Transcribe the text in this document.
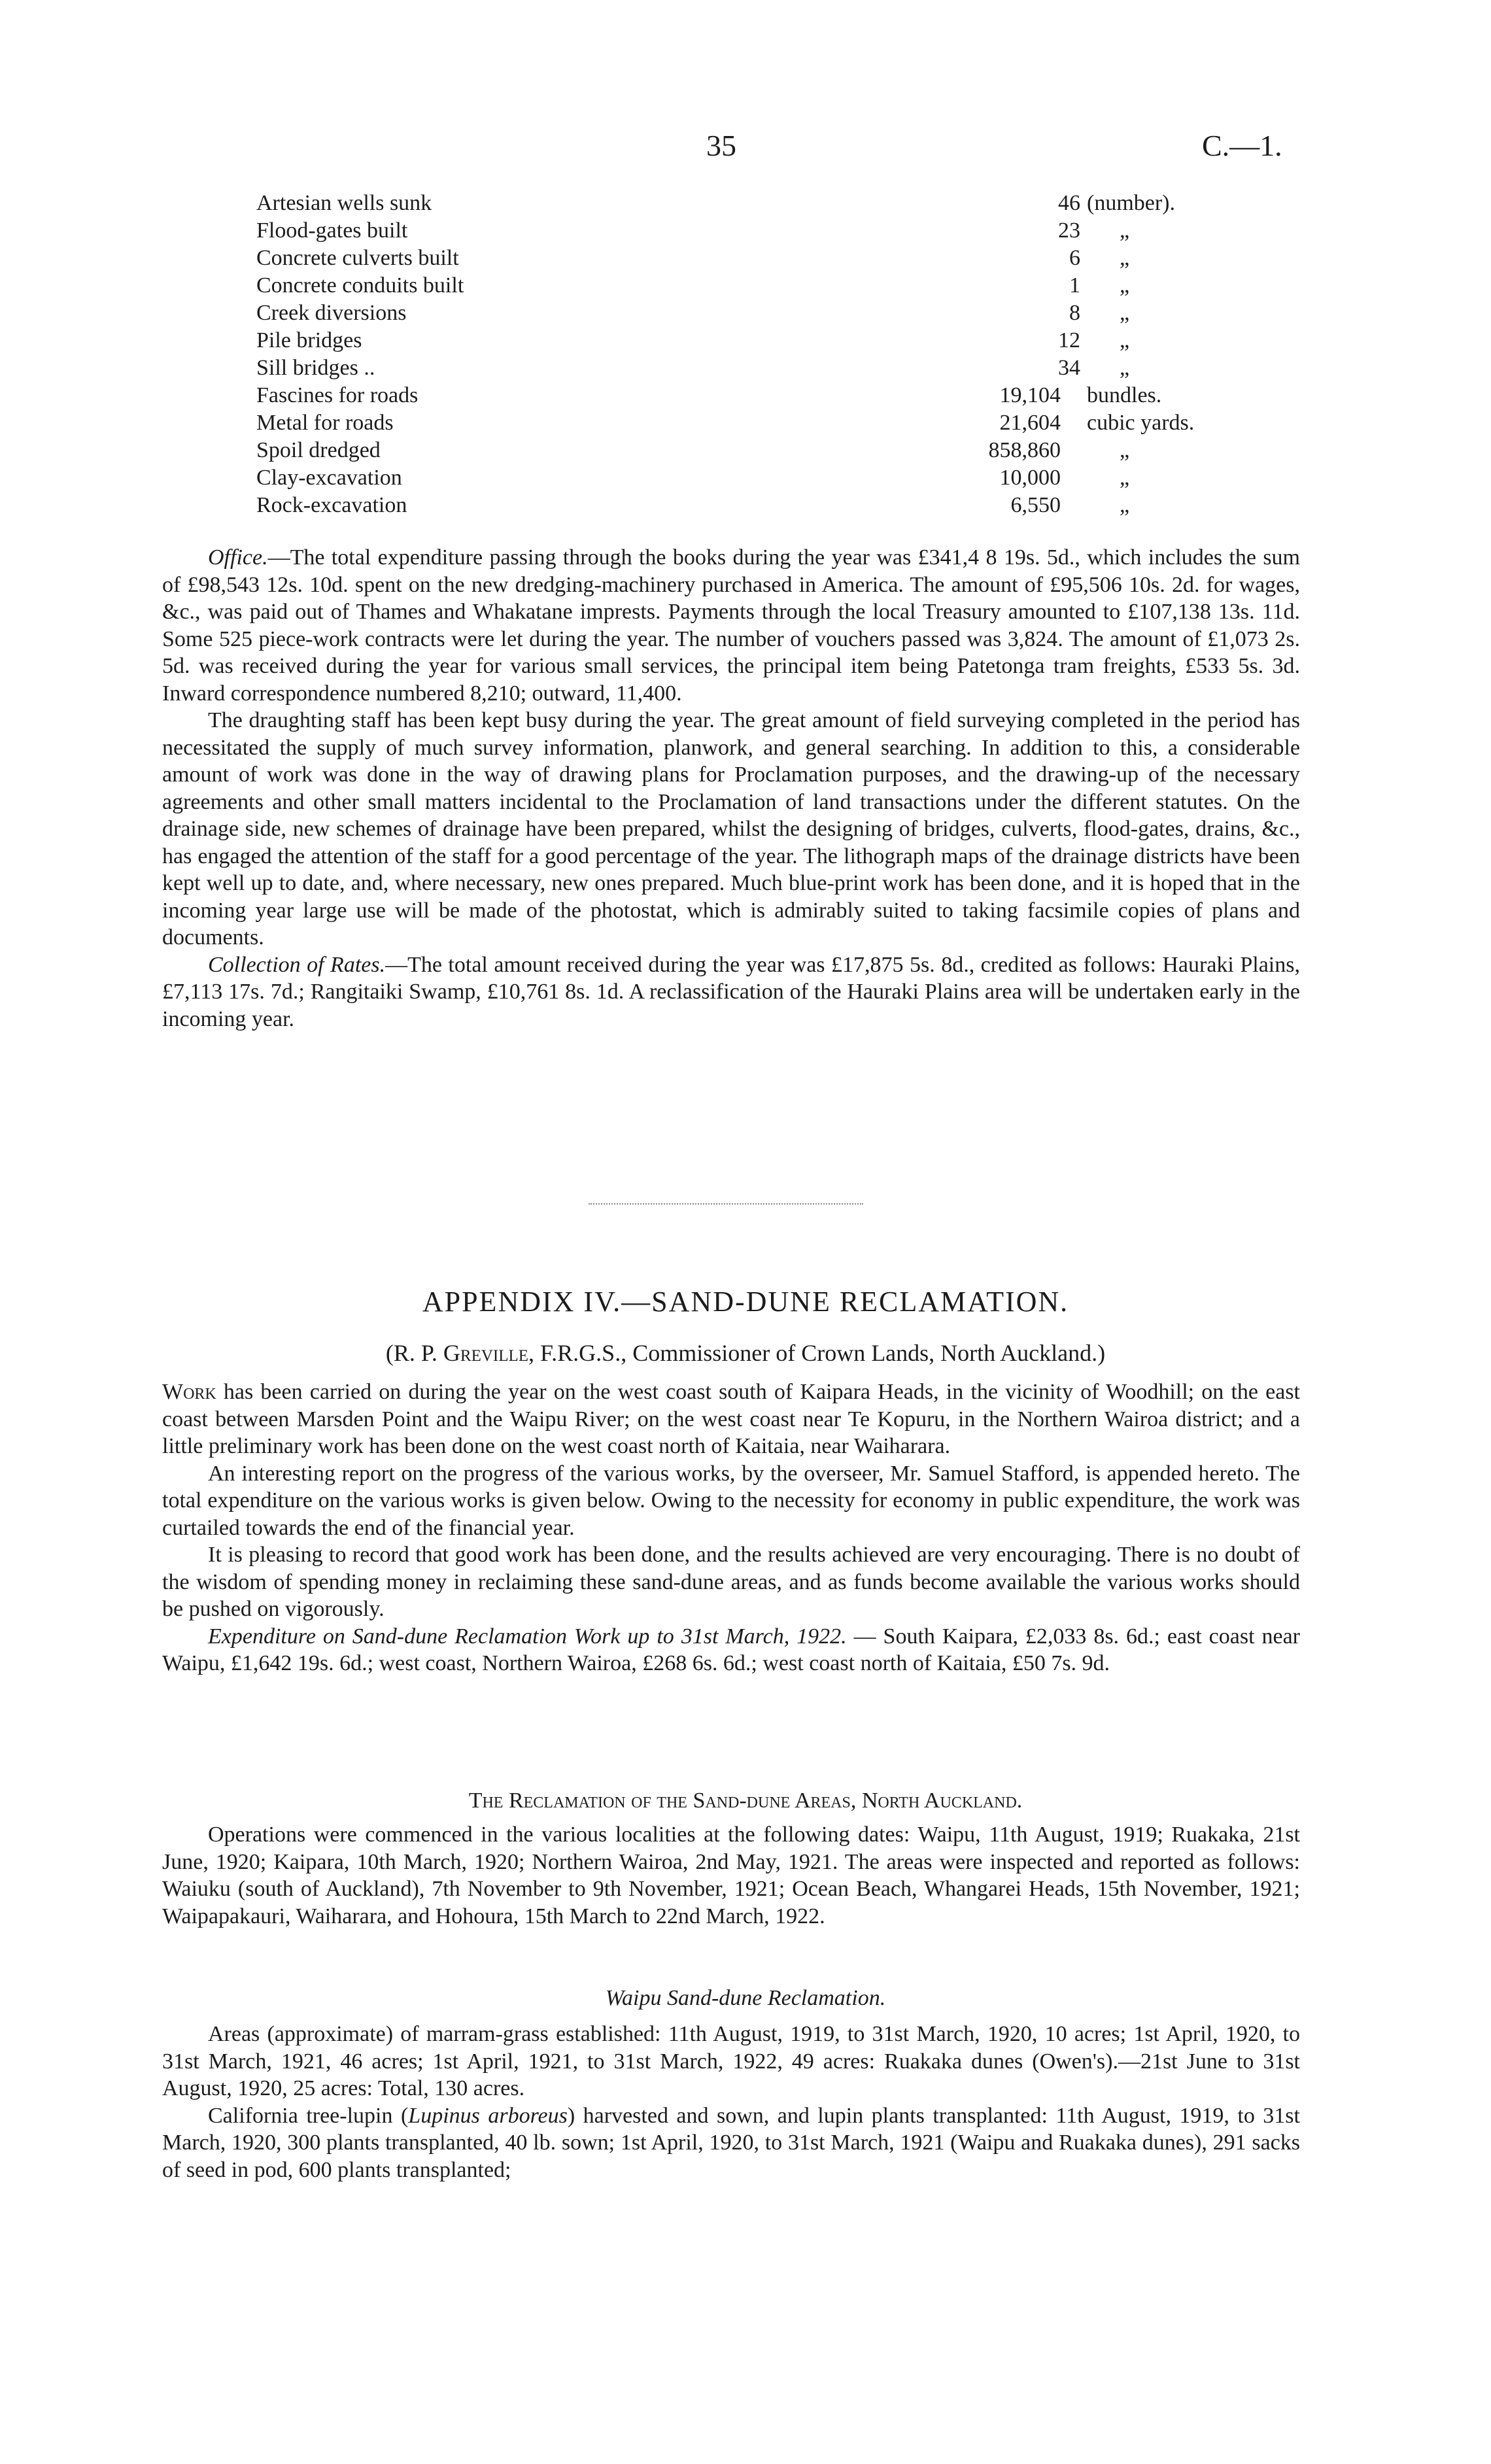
35	C.—1.
Artesian wells sunk	46 (number).
Flood-gates built	23 „
Concrete culverts built	6 „
Concrete conduits built	1 „
Creek diversions	8 „
Pile bridges	12 „
Sill bridges ..	34 „
Fascines for roads	19,104 bundles.
Metal for roads	21,604 cubic yards.
Spoil dredged	858,860	„
Clay-excavation	10,000	„
Rock-excavation	6,550	„

Office.—The total expenditure passing through the books during the year was £341,4 8 19s. 5d., which includes the sum of £98,543 12s. 10d. spent on the new dredging-machinery purchased in America. The amount of £95,506 10s. 2d. for wages, &c., was paid out of Thames and Whakatane imprests. Payments through the local Treasury amounted to £107,138 13s. 11d. Some 525 piece-work contracts were let during the year. The number of vouchers passed was 3,824. The amount of £1,073 2s. 5d. was received during the year for various small services, the principal item being Patetonga tram freights, £533 5s. 3d. Inward correspondence numbered 8,210; outward, 11,400.

The draughting staff has been kept busy during the year. The great amount of field surveying completed in the period has necessitated the supply of much survey information, planwork, and general searching. In addition to this, a considerable amount of work was done in the way of drawing plans for Proclamation purposes, and the drawing-up of the necessary agreements and other small matters incidental to the Proclamation of land transactions under the different statutes. On the drainage side, new schemes of drainage have been prepared, whilst the designing of bridges, culverts, flood-gates, drains, &c., has engaged the attention of the staff for a good percentage of the year. The lithograph maps of the drainage districts have been kept well up to date, and, where necessary, new ones prepared. Much blue-print work has been done, and it is hoped that in the incoming year large use will be made of the photostat, which is admirably suited to taking facsimile copies of plans and documents.

Collection of Rates.—The total amount received during the year was £17,875 5s. 8d., credited as follows: Hauraki Plains, £7,113 17s. 7d.; Rangitaiki Swamp, £10,761 8s. 1d. A reclassification of the Hauraki Plains area will be undertaken early in the incoming year.

APPENDIX IV.—SAND-DUNE RECLAMATION.
(R. P. Greville, F.R.G.S., Commissioner of Crown Lands, North Auckland.)

Work has been carried on during the year on the west coast south of Kaipara Heads, in the vicinity of Woodhill; on the east coast between Marsden Point and the Waipu River; on the west coast near Te Kopuru, in the Northern Wairoa district; and a little preliminary work has been done on the west coast north of Kaitaia, near Waiharara.

An interesting report on the progress of the various works, by the overseer, Mr. Samuel Stafford, is appended hereto. The total expenditure on the various works is given below. Owing to the necessity for economy in public expenditure, the work was curtailed towards the end of the financial year.

It is pleasing to record that good work has been done, and the results achieved are very encouraging. There is no doubt of the wisdom of spending money in reclaiming these sand-dune areas, and as funds become available the various works should be pushed on vigorously.

Expenditure on Sand-dune Reclamation Work up to 31st March, 1922. — South Kaipara, £2,033 8s. 6d.; east coast near Waipu, £1,642 19s. 6d.; west coast, Northern Wairoa, £268 6s. 6d.; west coast north of Kaitaia, £50 7s. 9d.

The Reclamation of the Sand-dune Areas, North Auckland.

Operations were commenced in the various localities at the following dates: Waipu, 11th August, 1919; Ruakaka, 21st June, 1920; Kaipara, 10th March, 1920; Northern Wairoa, 2nd May, 1921. The areas were inspected and reported as follows: Waiuku (south of Auckland), 7th November to 9th November, 1921; Ocean Beach, Whangarei Heads, 15th November, 1921; Waipapakauri, Waiharara, and Hohoura, 15th March to 22nd March, 1922.

Waipu Sand-dune Reclamation.

Areas (approximate) of marram-grass established: 11th August, 1919, to 31st March, 1920, 10 acres; 1st April, 1920, to 31st March, 1921, 46 acres; 1st April, 1921, to 31st March, 1922, 49 acres: Ruakaka dunes (Owen's).—21st June to 31st August, 1920, 25 acres: Total, 130 acres.

California tree-lupin (Lupinus arboreus) harvested and sown, and lupin plants transplanted: 11th August, 1919, to 31st March, 1920, 300 plants transplanted, 40 lb. sown; 1st April, 1920, to 31st March, 1921 (Waipu and Ruakaka dunes), 291 sacks of seed in pod, 600 plants transplanted;
